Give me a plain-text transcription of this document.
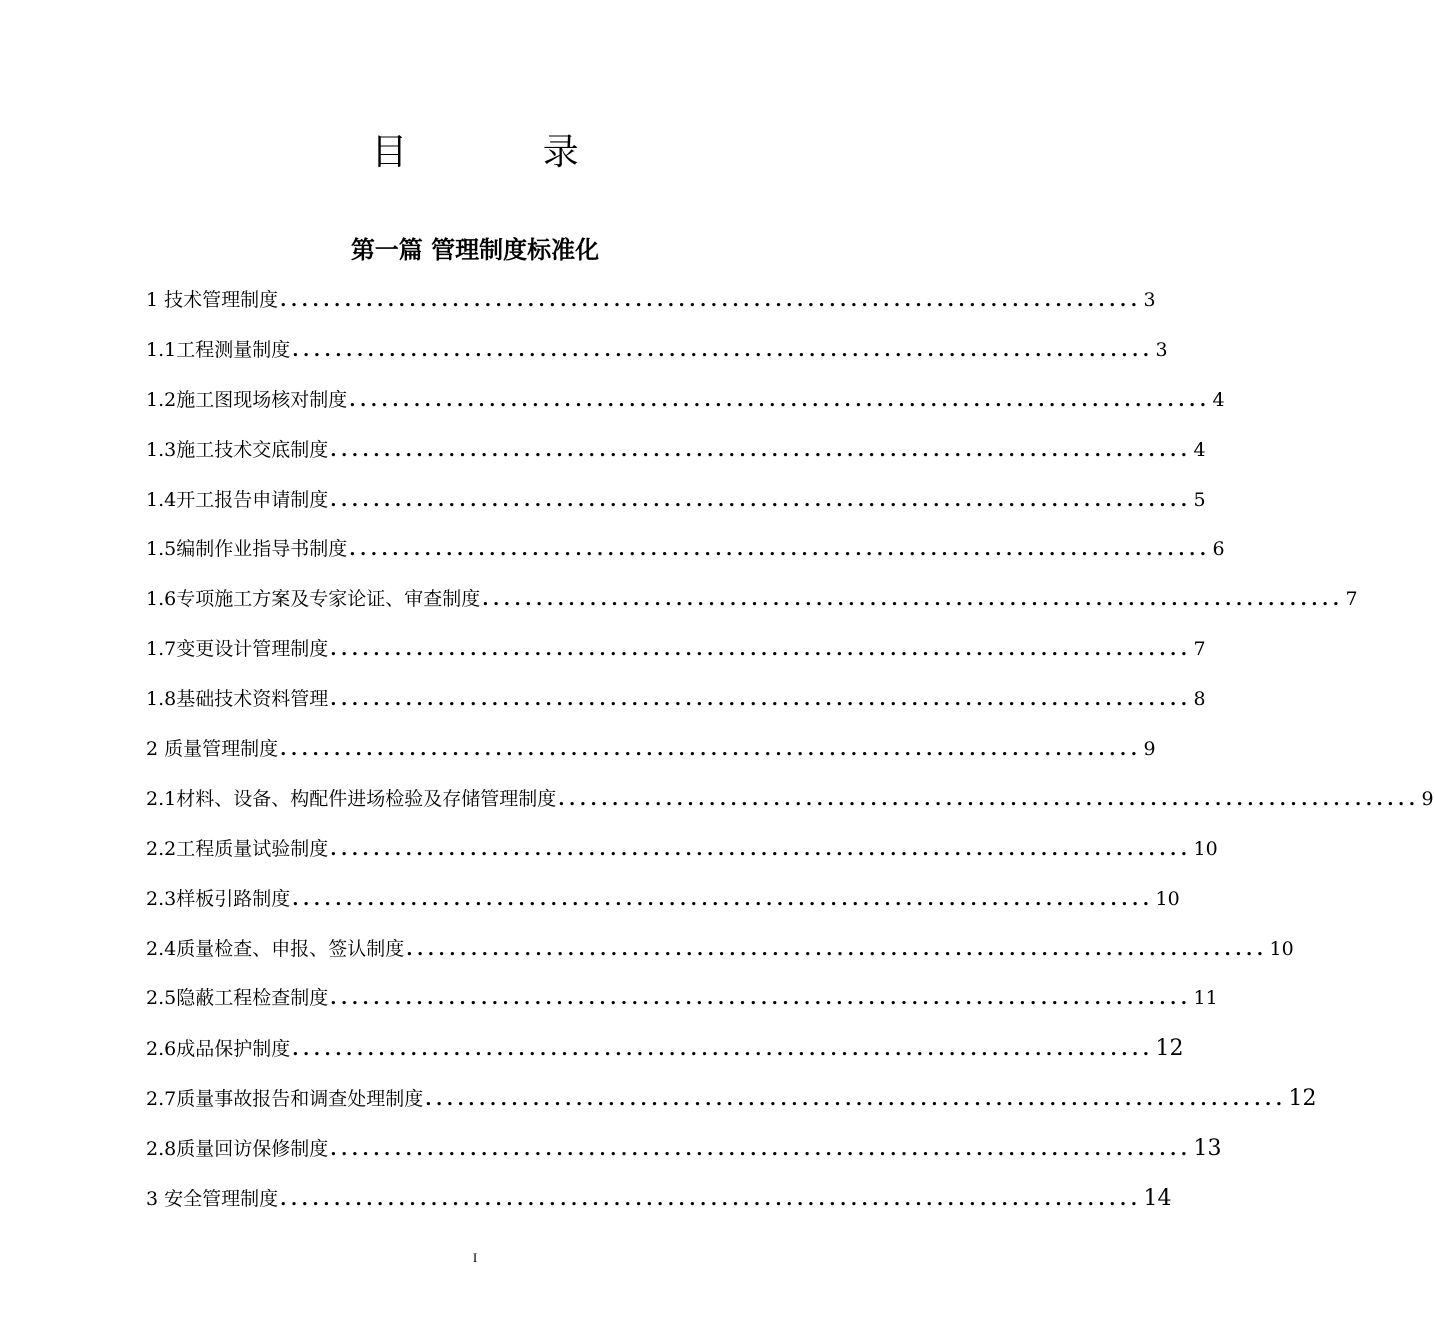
目 录
第一篇 管理制度标准化
1 技术管理制度 ................................................................................ 3
1.1工程测量制度 ................................................................................ 3
1.2施工图现场核对制度 ................................................................................ 4
1.3施工技术交底制度 ................................................................................ 4
1.4开工报告申请制度 ................................................................................ 5
1.5编制作业指导书制度 ................................................................................ 6
1.6专项施工方案及专家论证、审查制度 ................................................................................ 7
1.7变更设计管理制度 ................................................................................ 7
1.8基础技术资料管理 ................................................................................ 8
2 质量管理制度 ................................................................................ 9
2.1材料、设备、构配件进场检验及存储管理制度 ................................................................................ 9
2.2工程质量试验制度 ................................................................................ 10
2.3样板引路制度 ................................................................................ 10
2.4质量检查、申报、签认制度 ................................................................................ 10
2.5隐蔽工程检查制度 ................................................................................ 11
2.6成品保护制度 ................................................................................ 12
2.7质量事故报告和调查处理制度 ................................................................................ 12
2.8质量回访保修制度 ................................................................................ 13
3 安全管理制度 ................................................................................ 14
I
